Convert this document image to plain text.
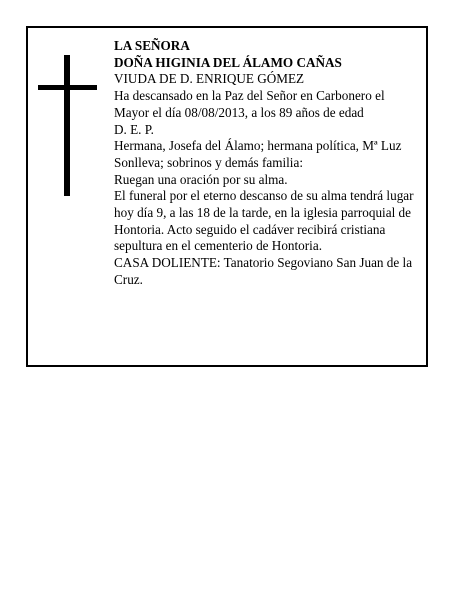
LA SEÑORA

DOÑA HIGINIA DEL ÁLAMO CAÑAS

VIUDA DE D. ENRIQUE GÓMEZ

Ha descansado en la Paz del Señor en Carbonero el Mayor el día 08/08/2013, a los 89 años de edad

D. E. P.

Hermana, Josefa del Álamo; hermana política, Mª Luz Sonlleva; sobrinos y demás familia:

Ruegan una oración por su alma.

El funeral por el eterno descanso de su alma tendrá lugar hoy día 9, a las 18 de la tarde, en la iglesia parroquial de Hontoria. Acto seguido el cadáver recibirá cristiana sepultura en el cementerio de Hontoria.

CASA DOLIENTE: Tanatorio Segoviano San Juan de la Cruz.
